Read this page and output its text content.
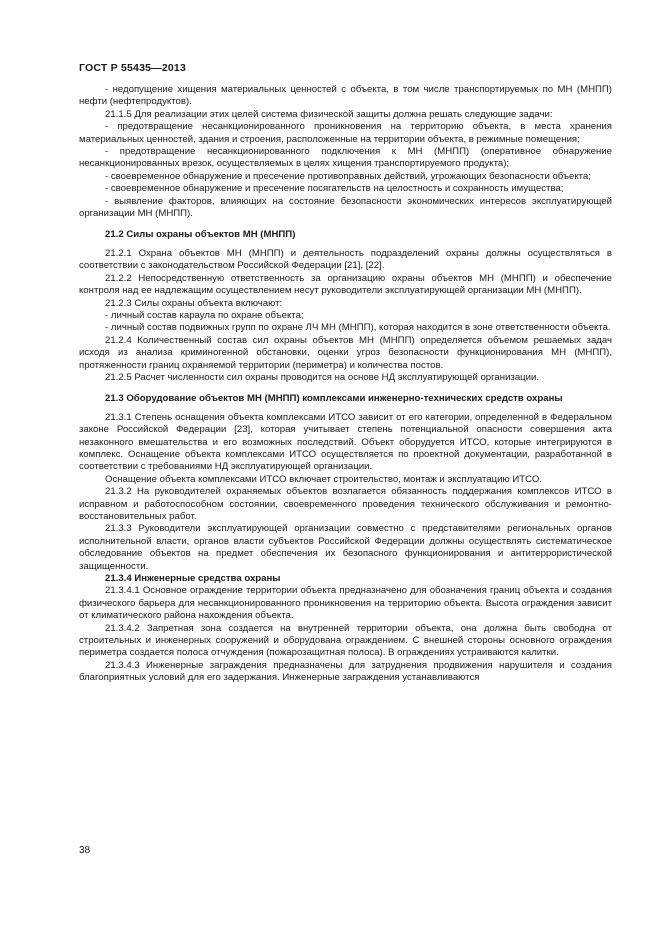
ГОСТ Р 55435—2013

- недопущение хищения материальных ценностей с объекта, в том числе транспортируемых по МН (МНПП) нефти (нефтепродуктов).

21.1.5 Для реализации этих целей система физической защиты должна решать следующие задачи:

- предотвращение несанкционированного проникновения на территорию объекта, в места хранения материальных ценностей, здания и строения, расположенные на территории объекта, в режимные помещения;

- предотвращение несанкционированного подключения к МН (МНПП) (оперативное обнаружение несанкционированных врезок, осуществляемых в целях хищения транспортируемого продукта);

- своевременное обнаружение и пресечение противоправных действий, угрожающих безопасности объекта;

- своевременное обнаружение и пресечение посягательств на целостность и сохранность имущества;

- выявление факторов, влияющих на состояние безопасности экономических интересов эксплуатирующей организации МН (МНПП).

21.2 Силы охраны объектов МН (МНПП)

21.2.1 Охрана объектов МН (МНПП) и деятельность подразделений охраны должны осуществляться в соответствии с законодательством Российской Федерации [21], [22].

21.2.2 Непосредственную ответственность за организацию охраны объектов МН (МНПП) и обеспечение контроля над ее надлежащим осуществлением несут руководители эксплуатирующей организации МН (МНПП).

21.2.3 Силы охраны объекта включают:

- личный состав караула по охране объекта;

- личный состав подвижных групп по охране ЛЧ МН (МНПП), которая находится в зоне ответственности объекта.

21.2.4 Количественный состав сил охраны объектов МН (МНПП) определяется объемом решаемых задач исходя из анализа криминогенной обстановки, оценки угроз безопасности функционирования МН (МНПП), протяженности границ охраняемой территории (периметра) и количества постов.

21.2.5 Расчет численности сил охраны проводится на основе НД эксплуатирующей организации.

21.3 Оборудование объектов МН (МНПП) комплексами инженерно-технических средств охраны

21.3.1 Степень оснащения объекта комплексами ИТСО зависит от его категории, определенной в Федеральном законе Российской Федерации [23], которая учитывает степень потенциальной опасности совершения акта незаконного вмешательства и его возможных последствий. Объект оборудуется ИТСО, которые интегрируются в комплекс. Оснащение объекта комплексами ИТСО осуществляется по проектной документации, разработанной в соответствии с требованиями НД эксплуатирующей организации.

Оснащение объекта комплексами ИТСО включает строительство, монтаж и эксплуатацию ИТСО.

21.3.2 На руководителей охраняемых объектов возлагается обязанность поддержания комплексов ИТСО в исправном и работоспособном состоянии, своевременного проведения технического обслуживания и ремонтно-восстановительных работ.

21.3.3 Руководители эксплуатирующей организации совместно с представителями региональных органов исполнительной власти, органов власти субъектов Российской Федерации должны осуществлять систематическое обследование объектов на предмет обеспечения их безопасного функционирования и антитеррористической защищенности.

21.3.4 Инженерные средства охраны

21.3.4.1 Основное ограждение территории объекта предназначено для обозначения границ объекта и создания физического барьера для несанкционированного проникновения на территорию объекта. Высота ограждения зависит от климатического района нахождения объекта.

21.3.4.2 Запретная зона создается на внутренней территории объекта, она должна быть свободна от строительных и инженерных сооружений и оборудована ограждением. С внешней стороны основного ограждения периметра создается полоса отчуждения (пожарозащитная полоса). В ограждениях устраиваются калитки.

21.3.4.3 Инженерные заграждения предназначены для затруднения продвижения нарушителя и создания благоприятных условий для его задержания. Инженерные заграждения устанавливаются

38
